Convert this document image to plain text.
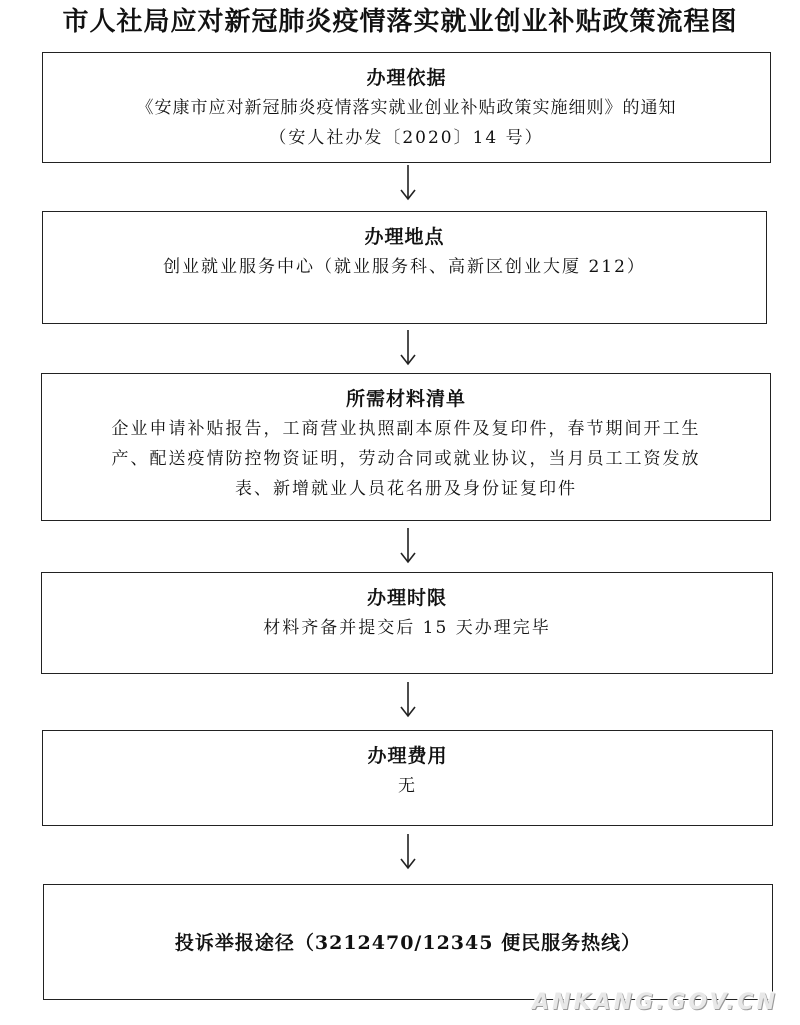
市人社局应对新冠肺炎疫情落实就业创业补贴政策流程图
办理依据
《安康市应对新冠肺炎疫情落实就业创业补贴政策实施细则》的通知
（安人社办发〔2020〕14 号）
办理地点
创业就业服务中心（就业服务科、高新区创业大厦 212）
所需材料清单
企业申请补贴报告，工商营业执照副本原件及复印件，春节期间开工生
产、配送疫情防控物资证明，劳动合同或就业协议，当月员工工资发放
表、新增就业人员花名册及身份证复印件
办理时限
材料齐备并提交后 15 天办理完毕
办理费用
无
投诉举报途径（3212470/12345 便民服务热线）
ANKANG.GOV.CN
